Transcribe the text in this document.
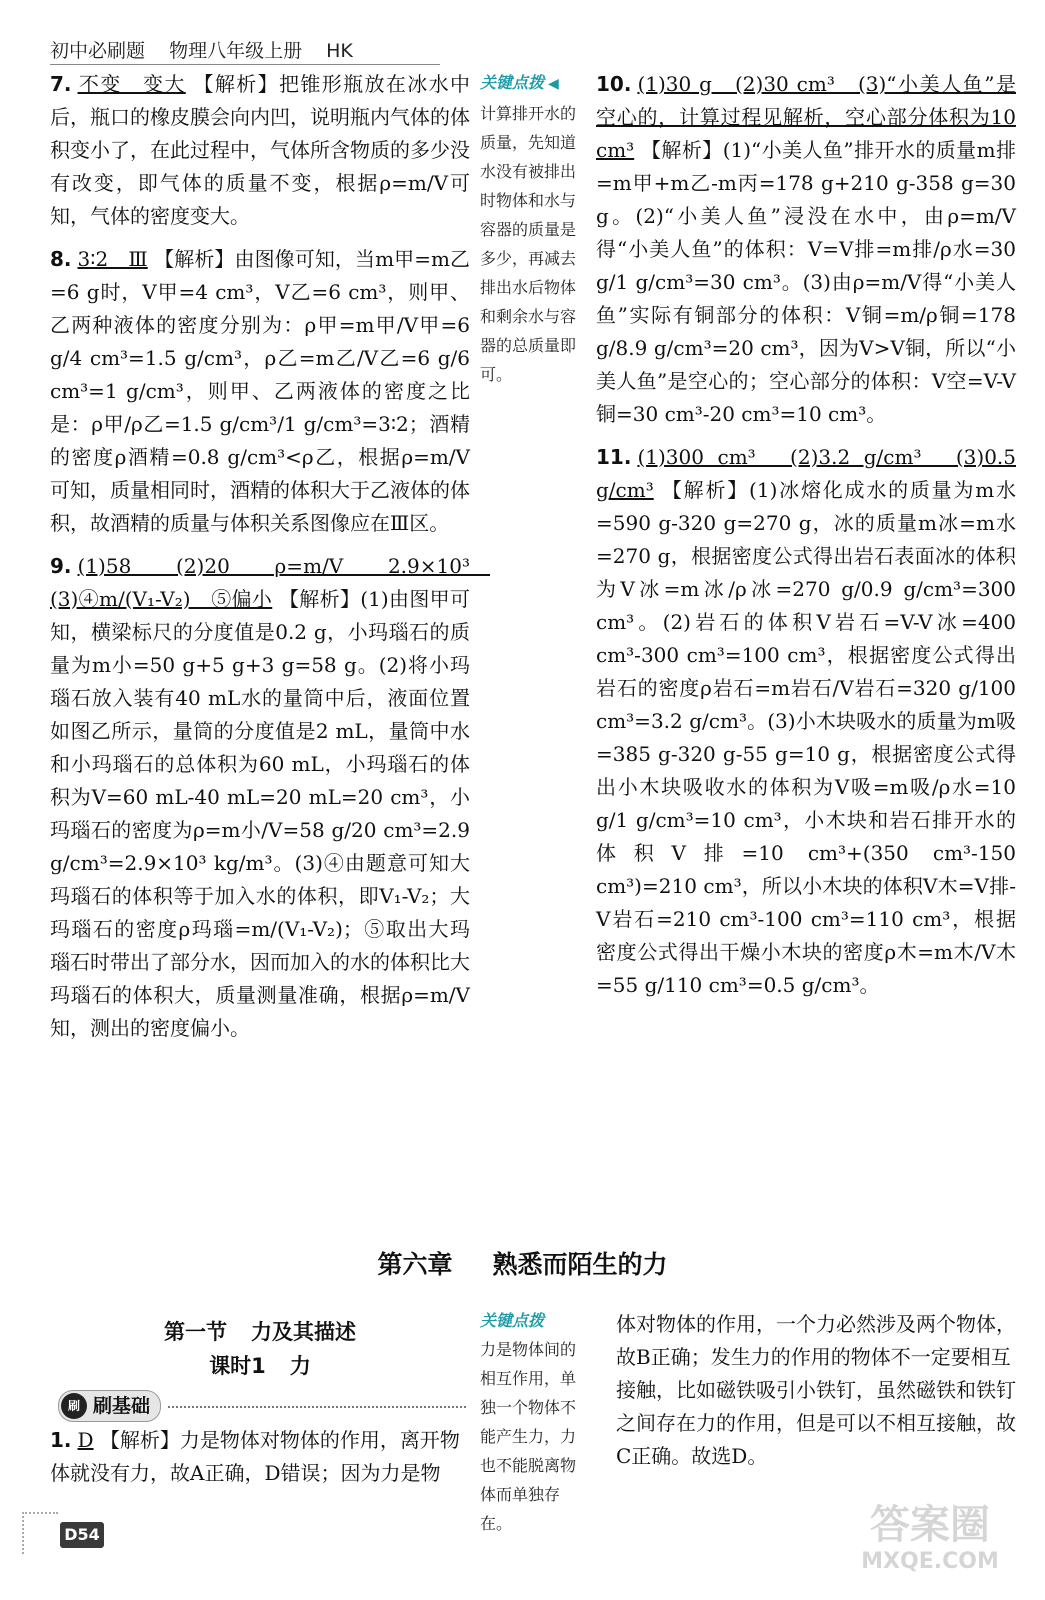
初中必刷题 物理八年级上册 HK

7. 不变　变大 【解析】把锥形瓶放在冰水中后，瓶口的橡皮膜会向内凹，说明瓶内气体的体积变小了，在此过程中，气体所含物质的多少没有改变，即气体的质量不变，根据ρ=m/V可知，气体的密度变大。

8. 3∶2　Ⅲ 【解析】由图像可知，当m甲=m乙=6 g时，V甲=4 cm³，V乙=6 cm³，则甲、乙两种液体的密度分别为：ρ甲=m甲/V甲=6 g/4 cm³=1.5 g/cm³，ρ乙=m乙/V乙=6 g/6 cm³=1 g/cm³，则甲、乙两液体的密度之比是：ρ甲/ρ乙=1.5 g/cm³/1 g/cm³=3∶2；酒精的密度ρ酒精=0.8 g/cm³<ρ乙，根据ρ=m/V可知，质量相同时，酒精的体积大于乙液体的体积，故酒精的质量与体积关系图像应在Ⅲ区。

9. (1)58　(2)20　ρ=m/V　2.9×10³　(3)④m/(V₁-V₂)　⑤偏小 【解析】(1)由图甲可知，横梁标尺的分度值是0.2 g，小玛瑙石的质量为m小=50 g+5 g+3 g=58 g。(2)将小玛瑙石放入装有40 mL水的量筒中后，液面位置如图乙所示，量筒的分度值是2 mL，量筒中水和小玛瑙石的总体积为60 mL，小玛瑙石的体积为V=60 mL-40 mL=20 mL=20 cm³，小玛瑙石的密度为ρ=m小/V=58 g/20 cm³=2.9 g/cm³=2.9×10³ kg/m³。(3)④由题意可知大玛瑙石的体积等于加入水的体积，即V₁-V₂；大玛瑙石的密度ρ玛瑙=m/(V₁-V₂)；⑤取出大玛瑙石时带出了部分水，因而加入的水的体积比大玛瑙石的体积大，质量测量准确，根据ρ=m/V知，测出的密度偏小。

关键点拨 ◀
计算排开水的质量，先知道水没有被排出时物体和水与容器的质量是多少，再减去排出水后物体和剩余水与容器的总质量即可。

10. (1)30 g　(2)30 cm³　(3)“小美人鱼”是空心的，计算过程见解析，空心部分体积为10 cm³ 【解析】(1)“小美人鱼”排开水的质量m排=m甲+m乙-m丙=178 g+210 g-358 g=30 g。(2)“小美人鱼”浸没在水中，由ρ=m/V得“小美人鱼”的体积：V=V排=m排/ρ水=30 g/1 g/cm³=30 cm³。(3)由ρ=m/V得“小美人鱼”实际有铜部分的体积：V铜=m/ρ铜=178 g/8.9 g/cm³=20 cm³，因为V>V铜，所以“小美人鱼”是空心的；空心部分的体积：V空=V-V铜=30 cm³-20 cm³=10 cm³。

11. (1)300 cm³　(2)3.2 g/cm³　(3)0.5 g/cm³ 【解析】(1)冰熔化成水的质量为m水=590 g-320 g=270 g，冰的质量m冰=m水=270 g，根据密度公式得出岩石表面冰的体积为V冰=m冰/ρ冰=270 g/0.9 g/cm³=300 cm³。(2)岩石的体积V岩石=V-V冰=400 cm³-300 cm³=100 cm³，根据密度公式得出岩石的密度ρ岩石=m岩石/V岩石=320 g/100 cm³=3.2 g/cm³。(3)小木块吸水的质量为m吸=385 g-320 g-55 g=10 g，根据密度公式得出小木块吸收水的体积为V吸=m吸/ρ水=10 g/1 g/cm³=10 cm³，小木块和岩石排开水的体积V排=10 cm³+(350 cm³-150 cm³)=210 cm³，所以小木块的体积V木=V排-V岩石=210 cm³-100 cm³=110 cm³，根据密度公式得出干燥小木块的密度ρ木=m木/V木=55 g/110 cm³=0.5 g/cm³。

第六章 熟悉而陌生的力
第一节 力及其描述
课时1 力
刷 刷基础
1. D 【解析】力是物体对物体的作用，离开物体就没有力，故A正确，D错误；因为力是物
体对物体的作用，一个力必然涉及两个物体，故B正确；发生力的作用的物体不一定要相互接触，比如磁铁吸引小铁钉，虽然磁铁和铁钉之间存在力的作用，但是可以不相互接触，故C正确。故选D。
关键点拨
力是物体间的相互作用，单独一个物体不能产生力，力也不能脱离物体而单独存在。
D54	答案圈
MXQE.COM
